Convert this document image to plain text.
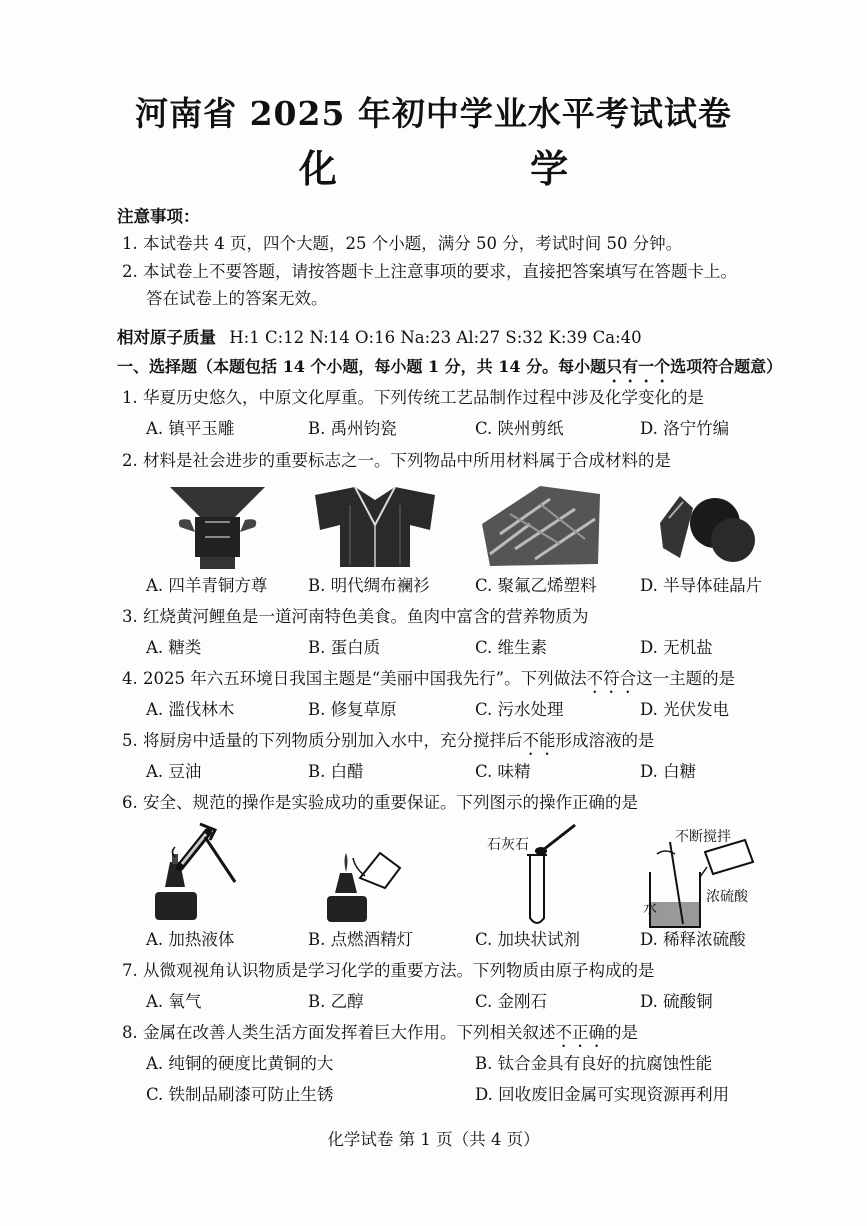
河南省 2025 年初中学业水平考试试卷
化 学
注意事项：
1. 本试卷共 4 页，四个大题，25 个小题，满分 50 分，考试时间 50 分钟。
2. 本试卷上不要答题，请按答题卡上注意事项的要求，直接把答案填写在答题卡上。
答在试卷上的答案无效。
相对原子质量 H:1 C:12 N:14 O:16 Na:23 Al:27 S:32 K:39 Ca:40
一、选择题（本题包括 14 个小题，每小题 1 分，共 14 分。每小题只有一个选项符合题意）
1. 华夏历史悠久，中原文化厚重。下列传统工艺品制作过程中涉及化学变化的是
A. 镇平玉雕	B. 禹州钧瓷	C. 陕州剪纸	D. 洛宁竹编
2. 材料是社会进步的重要标志之一。下列物品中所用材料属于合成材料的是
A. 四羊青铜方尊 B. 明代绸布襕衫	C. 聚氟乙烯塑料	D. 半导体硅晶片
3. 红烧黄河鲤鱼是一道河南特色美食。鱼肉中富含的营养物质为
A. 糖类	B. 蛋白质	C. 维生素	D. 无机盐
4. 2025 年六五环境日我国主题是“美丽中国我先行”。下列做法不符合这一主题的是
A. 滥伐林木	B. 修复草原	C. 污水处理	D. 光伏发电
5. 将厨房中适量的下列物质分别加入水中，充分搅拌后不能形成溶液的是
A. 豆油	B. 白醋	C. 味精	D. 白糖
6. 安全、规范的操作是实验成功的重要保证。下列图示的操作正确的是
石灰石	不断搅拌
水
浓硫酸
A. 加热液体	B. 点燃酒精灯	C. 加块状试剂	D. 稀释浓硫酸
7. 从微观视角认识物质是学习化学的重要方法。下列物质由原子构成的是
A. 氧气	B. 乙醇	C. 金刚石	D. 硫酸铜
8. 金属在改善人类生活方面发挥着巨大作用。下列相关叙述不正确的是
A. 纯铜的硬度比黄铜的大	B. 钛合金具有良好的抗腐蚀性能
C. 铁制品刷漆可防止生锈	D. 回收废旧金属可实现资源再利用
化学试卷 第 1 页（共 4 页）
